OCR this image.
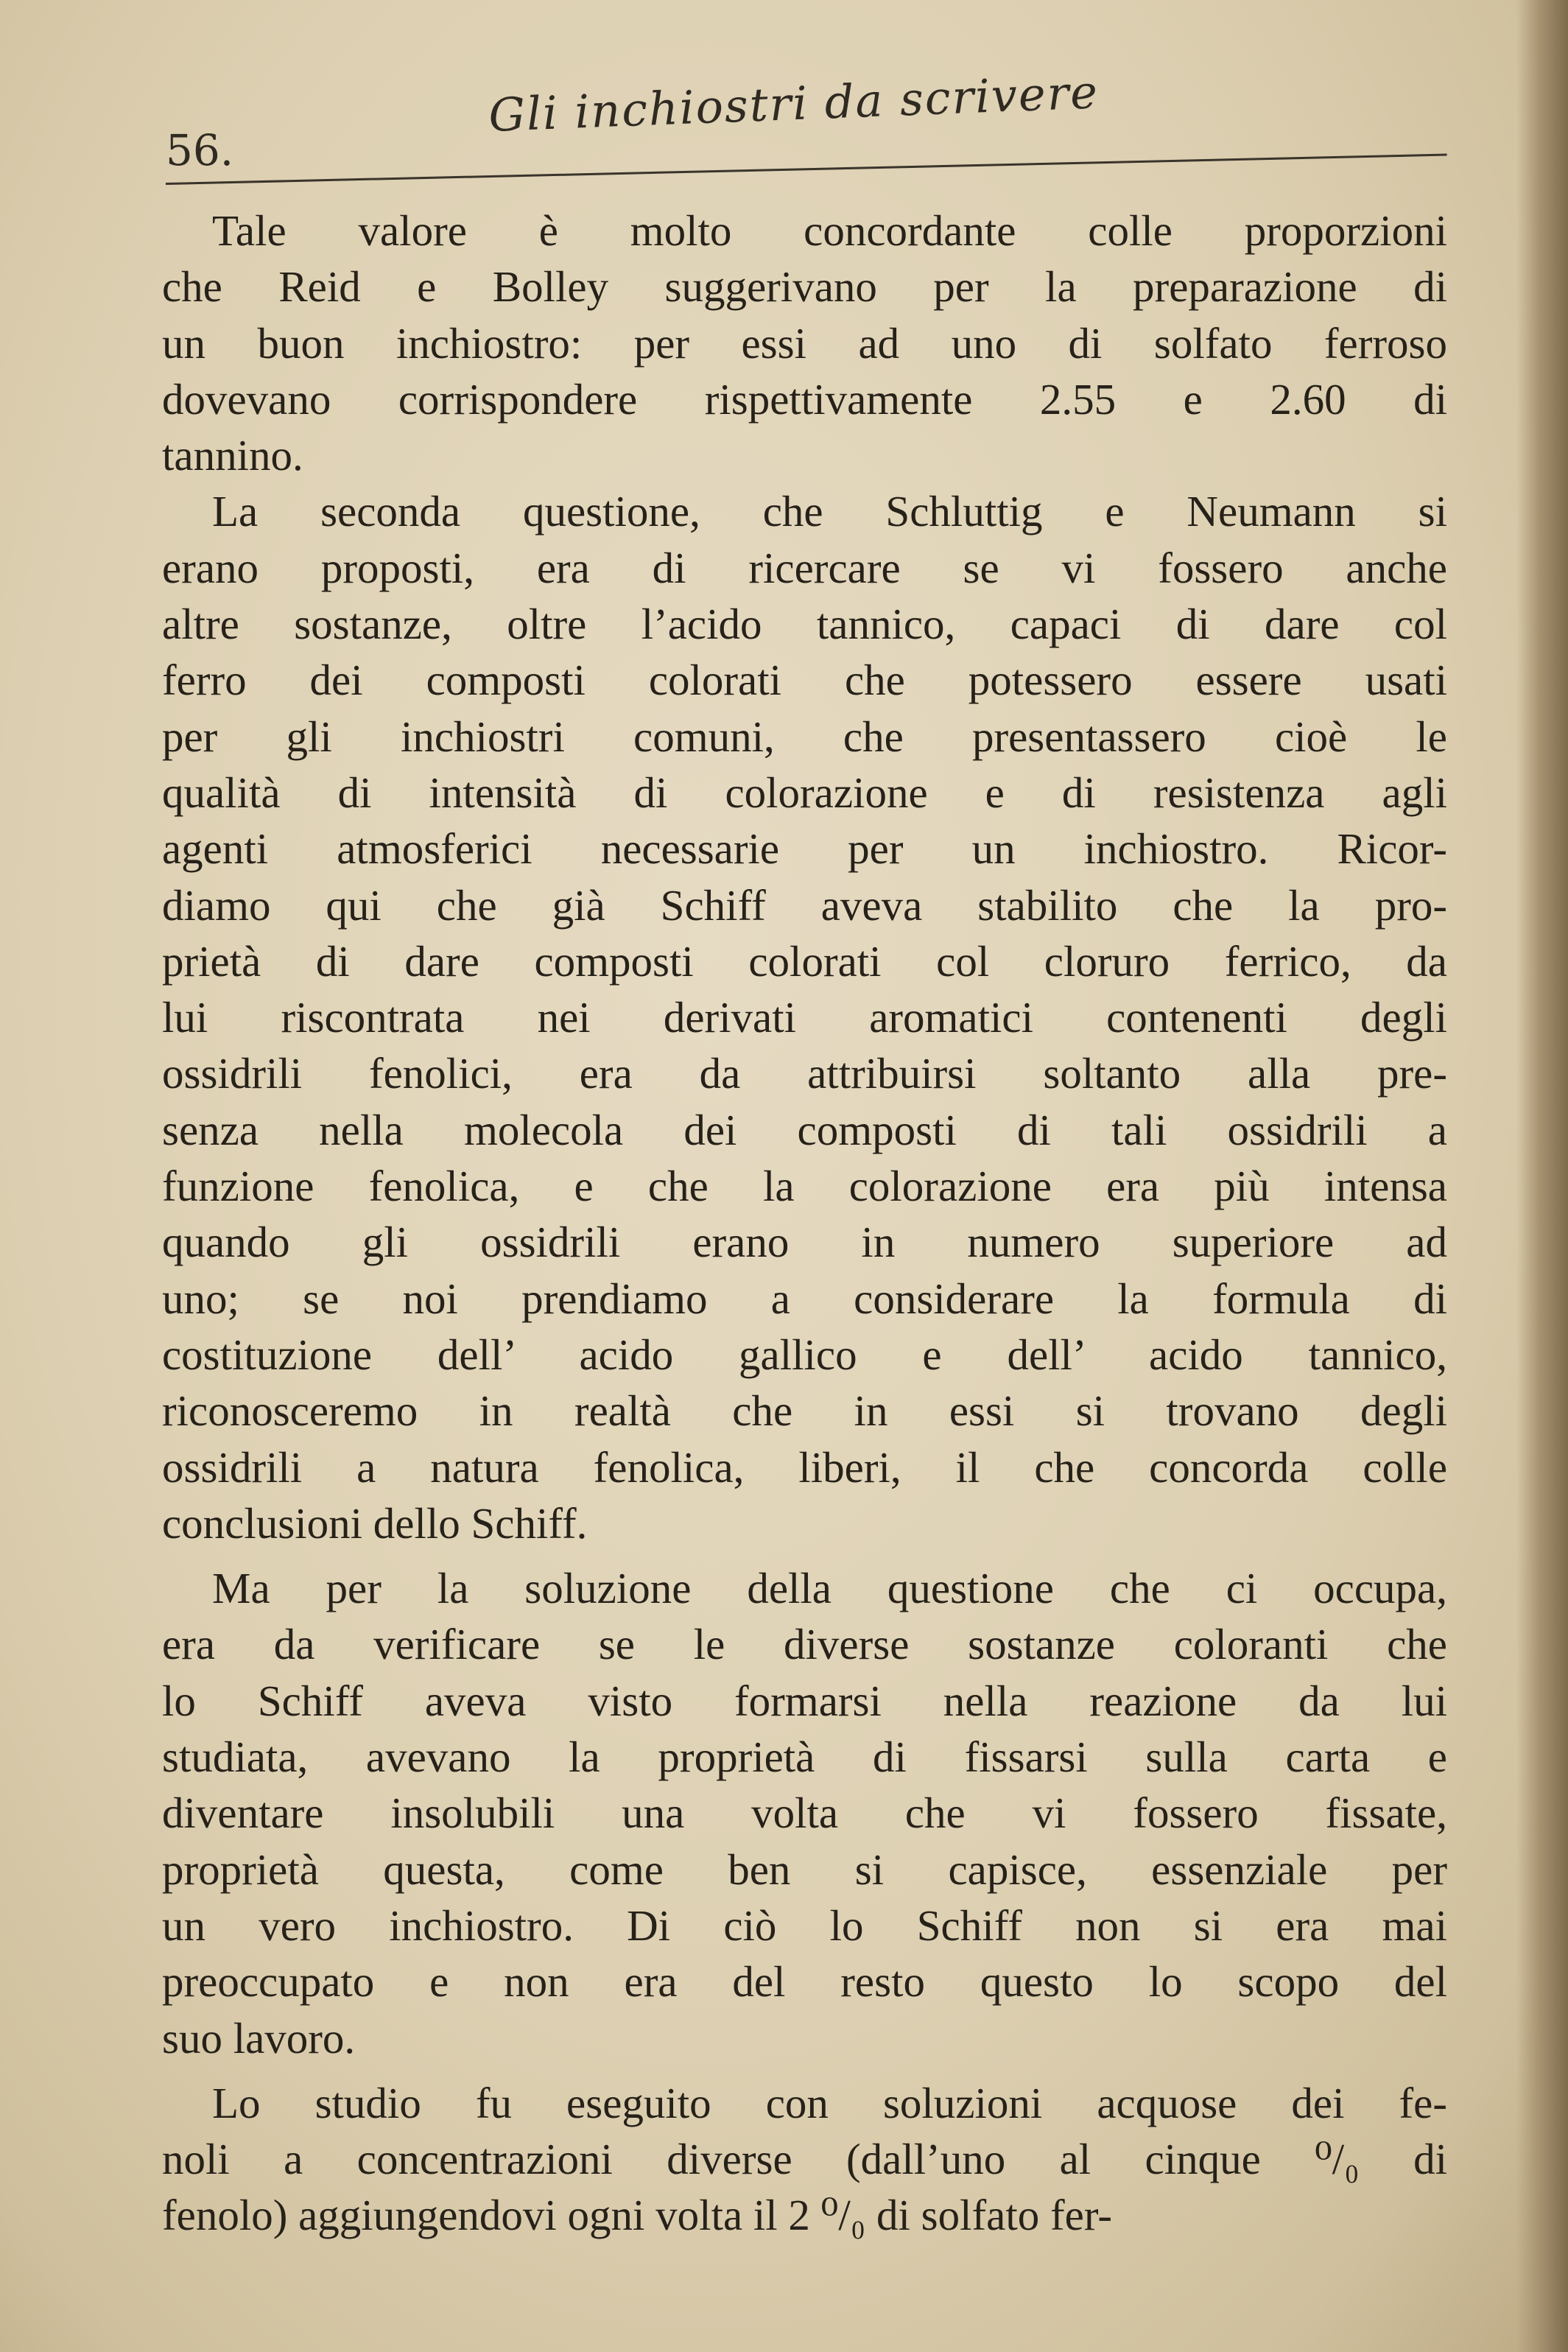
56.
Gli inchiostri da scrivere
Tale valore è molto concordante colle proporzioni
che Reid e Bolley suggerivano per la preparazione di
un buon inchiostro: per essi ad uno di solfato ferroso
dovevano corrispondere rispettivamente 2.55 e 2.60 di
tannino.
La seconda questione, che Schluttig e Neumann si
erano proposti, era di ricercare se vi fossero anche
altre sostanze, oltre l’acido tannico, capaci di dare col
ferro dei composti colorati che potessero essere usati
per gli inchiostri comuni, che presentassero cioè le
qualità di intensità di colorazione e di resistenza agli
agenti atmosferici necessarie per un inchiostro. Ricor-
diamo qui che già Schiff aveva stabilito che la pro-
prietà di dare composti colorati col cloruro ferrico, da
lui riscontrata nei derivati aromatici contenenti degli
ossidrili fenolici, era da attribuirsi soltanto alla pre-
senza nella molecola dei composti di tali ossidrili a
funzione fenolica, e che la colorazione era più intensa
quando gli ossidrili erano in numero superiore ad
uno; se noi prendiamo a considerare la formula di
costituzione dell’ acido gallico e dell’ acido tannico,
riconosceremo in realtà che in essi si trovano degli
ossidrili a natura fenolica, liberi, il che concorda colle
conclusioni dello Schiff.
Ma per la soluzione della questione che ci occupa,
era da verificare se le diverse sostanze coloranti che
lo Schiff aveva visto formarsi nella reazione da lui
studiata, avevano la proprietà di fissarsi sulla carta e
diventare insolubili una volta che vi fossero fissate,
proprietà questa, come ben si capisce, essenziale per
un vero inchiostro. Di ciò lo Schiff non si era mai
preoccupato e non era del resto questo lo scopo del
suo lavoro.
Lo studio fu eseguito con soluzioni acquose dei fe-
noli a concentrazioni diverse (dall’uno al cinque ⁰/₀ di
fenolo) aggiungendovi ogni volta il 2 ⁰/₀ di solfato fer-
